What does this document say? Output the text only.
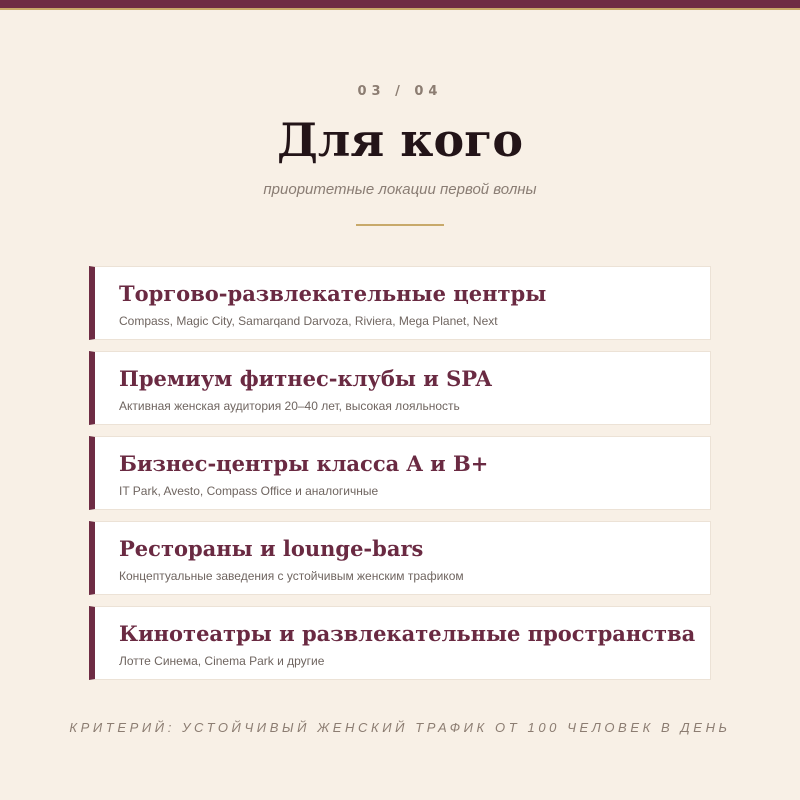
03 / 04
Для кого
приоритетные локации первой волны
Торгово-развлекательные центры
Compass, Magic City, Samarqand Darvoza, Riviera, Mega Planet, Next
Премиум фитнес-клубы и SPA
Активная женская аудитория 20–40 лет, высокая лояльность
Бизнес-центры класса A и B+
IT Park, Avesto, Compass Office и аналогичные
Рестораны и lounge-bars
Концептуальные заведения с устойчивым женским трафиком
Кинотеатры и развлекательные пространства
Лотте Синема, Cinema Park и другие
КРИТЕРИЙ: УСТОЙЧИВЫЙ ЖЕНСКИЙ ТРАФИК ОТ 100 ЧЕЛОВЕК В ДЕНЬ
